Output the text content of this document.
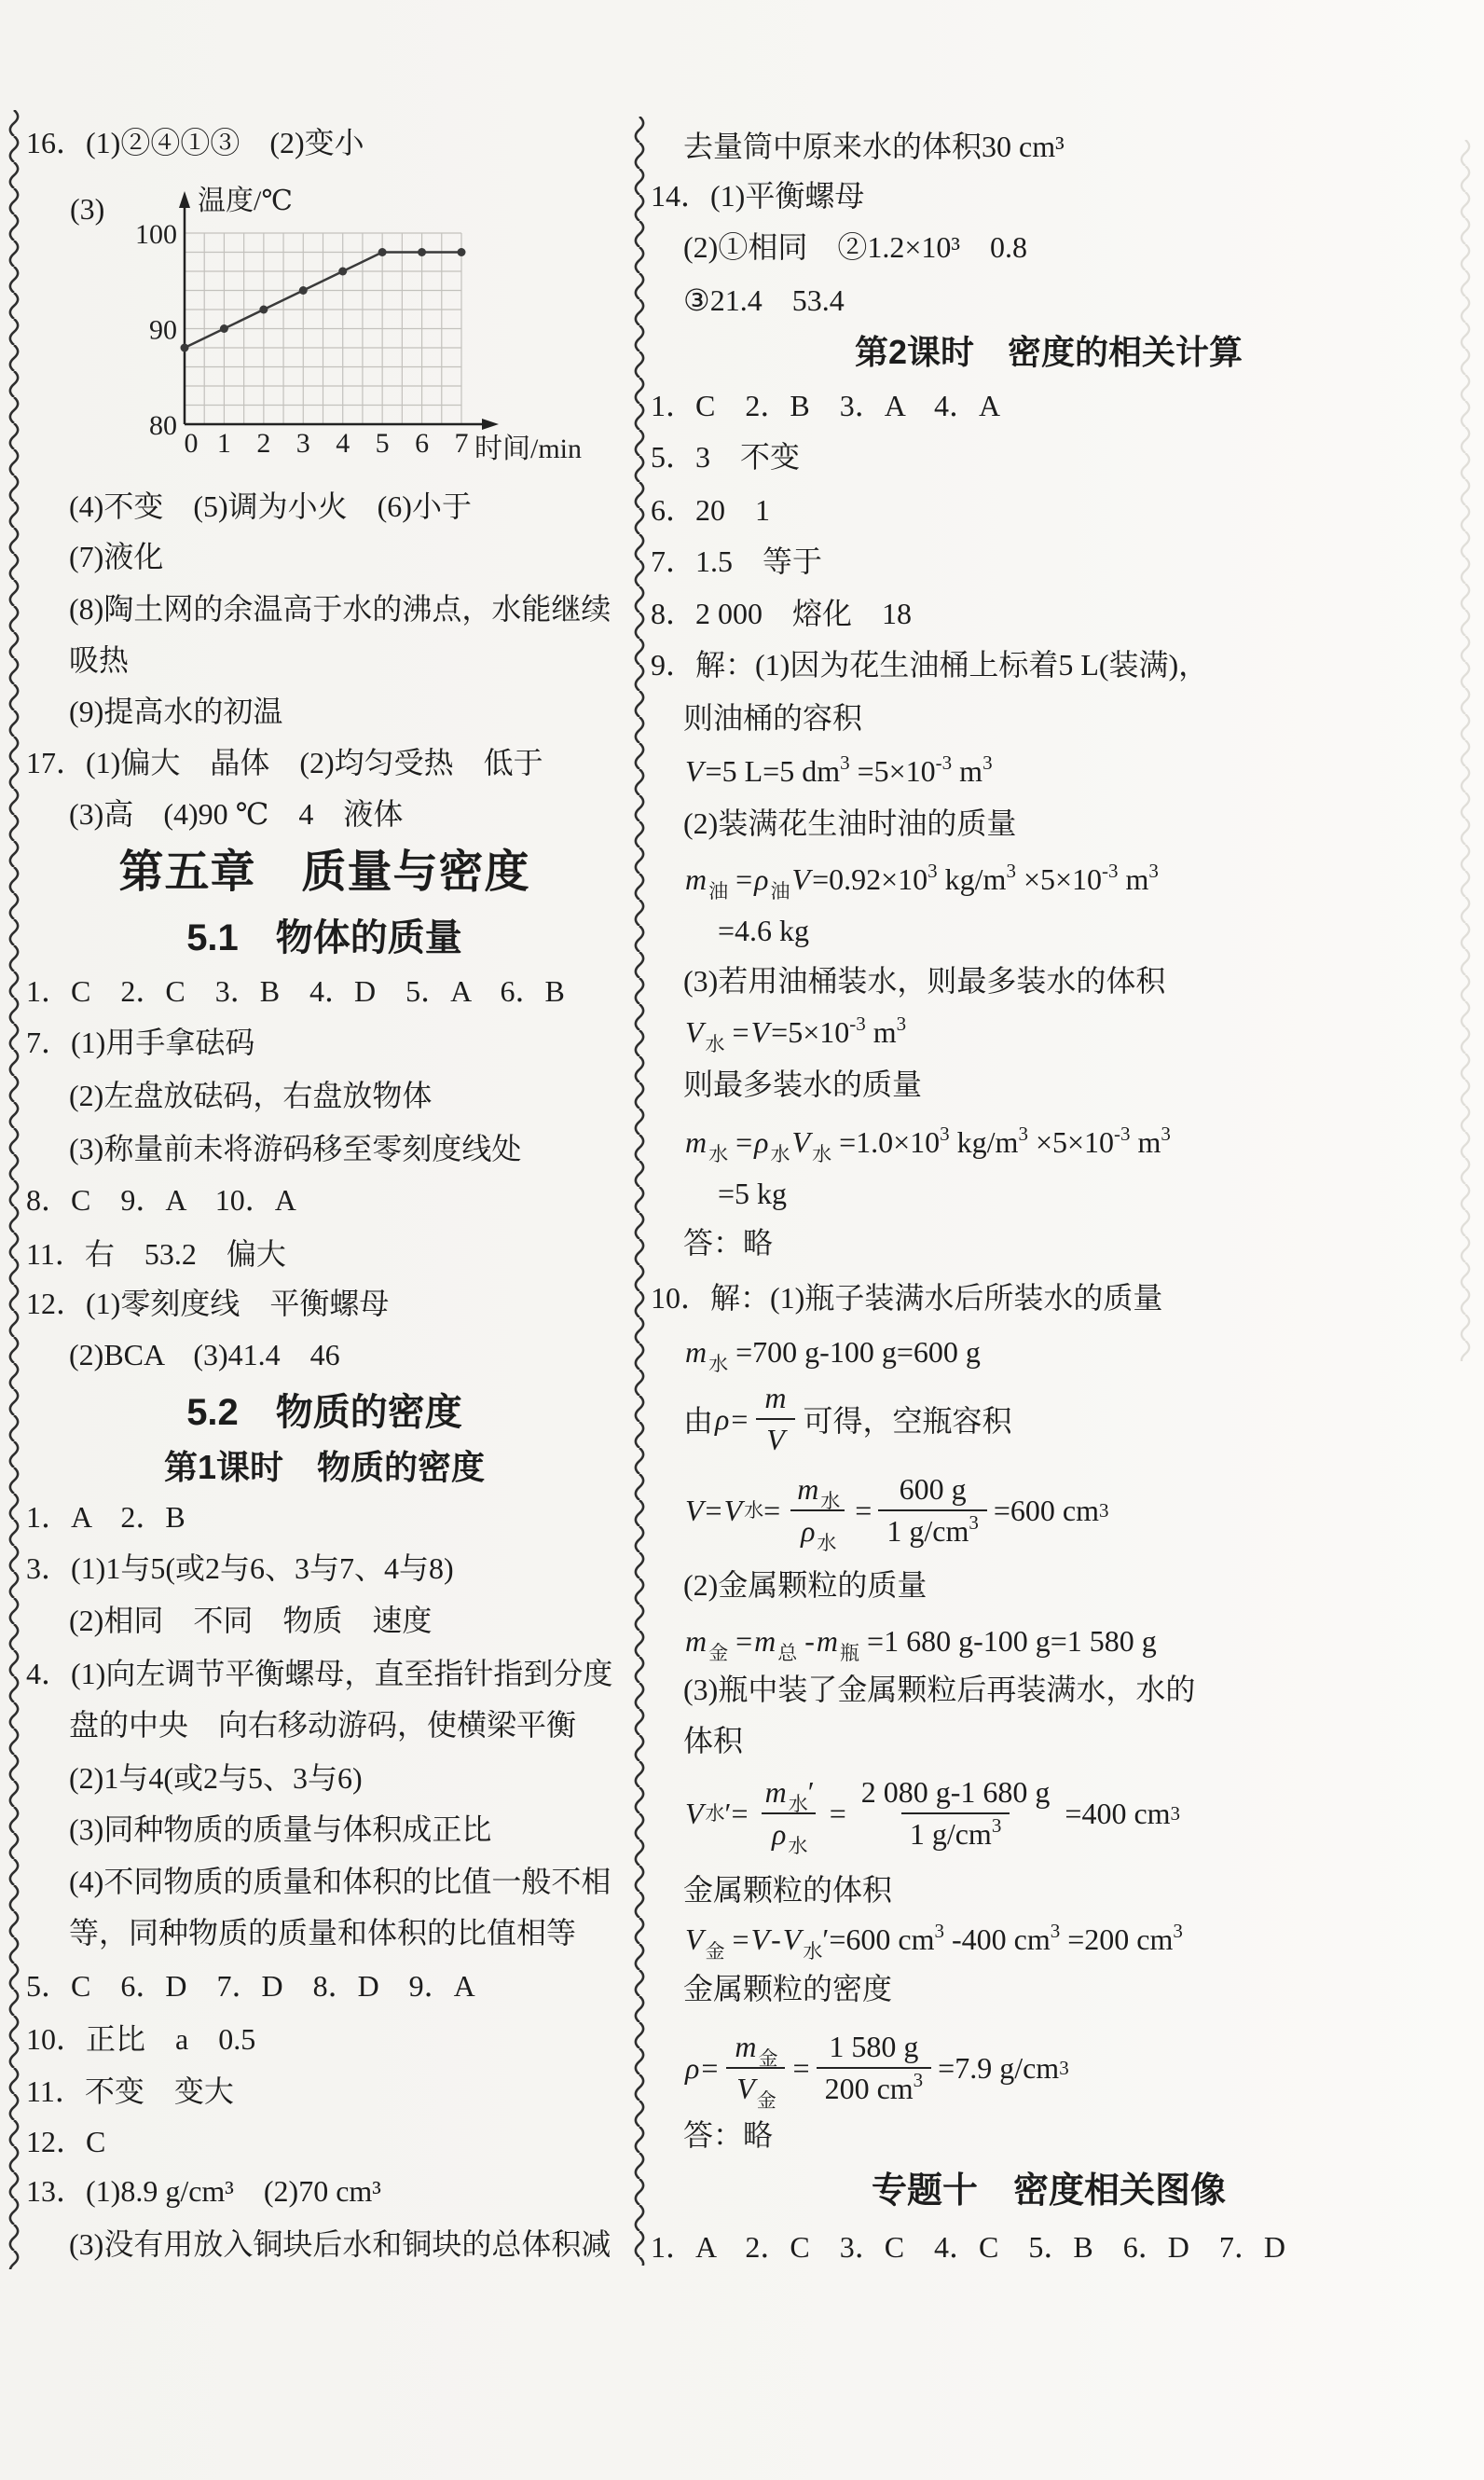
16．(1)②④①③　(2)变小
(3)
0 1 2 3 4 5 6 7
80
90
100
温度/℃
时间/min
(4)不变　(5)调为小火　(6)小于
(7)液化
(8)陶土网的余温高于水的沸点，水能继续
吸热
(9)提高水的初温
17．(1)偏大　晶体　(2)均匀受热　低于
(3)高　(4)90 ℃　4　液体
第五章　质量与密度
5.1　物体的质量
1．C　2．C　3．B　4．D　5．A　6．B
7．(1)用手拿砝码
(2)左盘放砝码，右盘放物体
(3)称量前未将游码移至零刻度线处
8．C　9．A　10．A
11．右　53.2　偏大
12．(1)零刻度线　平衡螺母
(2)BCA　(3)41.4　46
5.2　物质的密度
第1课时　物质的密度
1．A　2．B
3．(1)1与5(或2与6、3与7、4与8)
(2)相同　不同　物质　速度
4．(1)向左调节平衡螺母，直至指针指到分度
盘的中央　向右移动游码，使横梁平衡
(2)1与4(或2与5、3与6)
(3)同种物质的质量与体积成正比
(4)不同物质的质量和体积的比值一般不相
等，同种物质的质量和体积的比值相等
5．C　6．D　7．D　8．D　9．A
10．正比　a　0.5
11．不变　变大
12．C
13．(1)8.9 g/cm³　(2)70 cm³
(3)没有用放入铜块后水和铜块的总体积减
去量筒中原来水的体积30 cm³
14．(1)平衡螺母
(2)①相同　②1.2×10³　0.8
③21.4　53.4
第2课时　密度的相关计算
1．C　2．B　3．A　4．A
5．3　不变
6．20　1
7．1.5　等于
8．2 000　熔化　18
9．解：(1)因为花生油桶上标着5 L(装满)，
则油桶的容积
V=5 L=5 $dm^3 =5\times 10^{-3}$ $m^3$
(2)装满花生油时油的质量
$m_油 =\rho_油V=0.92\times 10^3$ $kg/m^3 \times 5\times 10^{-3}$ $m^3$
=4.6 kg
(3)若用油桶装水，则最多装水的体积
$V_水 =V=5\times 10^{-3}$ $m^3$
则最多装水的质量
$m_水 =\rho_水V_水 =1.0\times 10^3$ $kg/m^3 \times 5\times 10^{-3}$ $m^3$
=5 kg
答：略
10．解：(1)瓶子装满水后所装水的质量
$m_水 =700$ g-100 g=600 g
由 $\rho = \frac{m}{V}$ 可得，空瓶容积
V = V 水 = $\frac{m_水}{\rho_水} = \frac{600 g}{1 g/cm^3} =600$ cm 3
(2)金属颗粒的质量
$m_金 =m_总$ $-m_瓶 =1$ 680 g-100 g=1 580 g
(3)瓶中装了金属颗粒后再装满水，水的
体积
V 水 ′= $\frac{m_水'}{\rho_水} = \frac{2 080 g-1 680 g}{1 g/cm^3} =400$ cm 3
金属颗粒的体积
$V_金 =V-V_水'=600$ $cm^3$ -400 $cm^3 =200$ $cm^3$
金属颗粒的密度
$\rho = \frac{m_金}{V_金} = \frac{1 580 g}{200 cm^3} =7.9$ g/cm 3
答：略
专题十　密度相关图像
1．A　2．C　3．C　4．C　5．B　6．D　7．D
